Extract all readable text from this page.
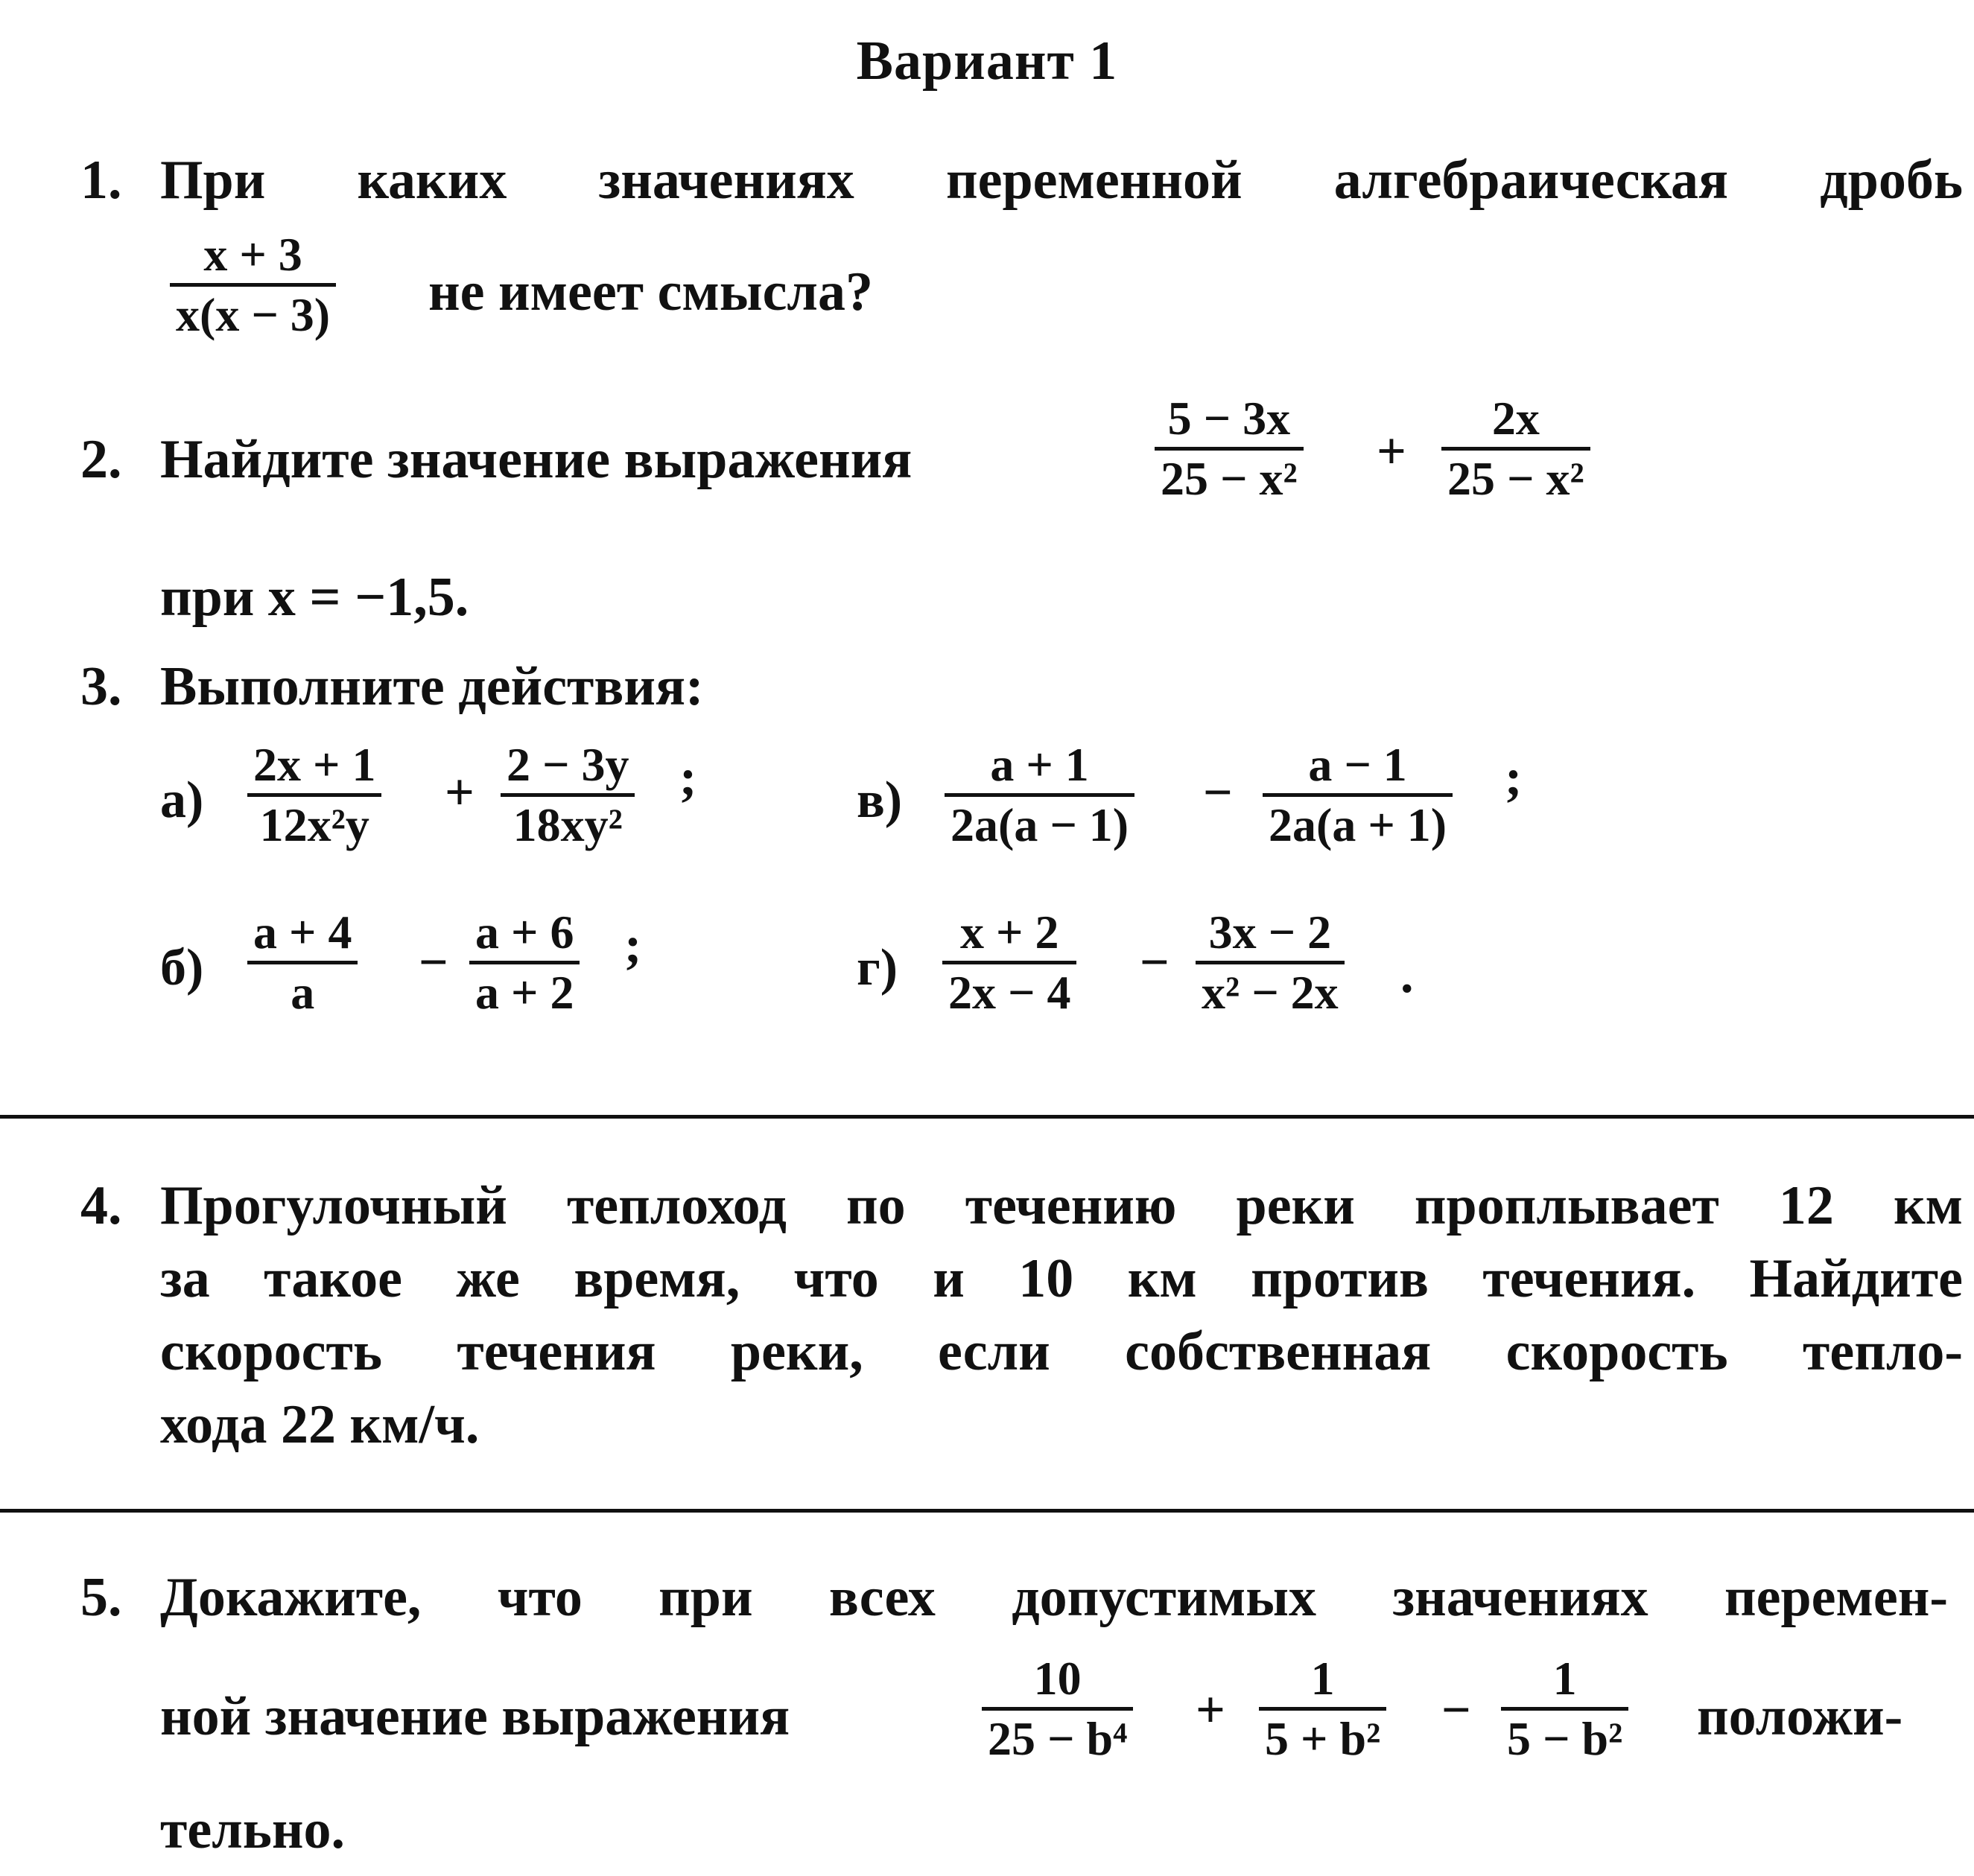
Вариант 1
1. При каких значениях переменной алгебраическая дробь
x + 3
x(x − 3) не имеет смысла?
2. Найдите значение выражения
5 − 3x
25 − x² +
2x
25 − x²
при x = −1,5.
3. Выполните действия:
а)
2x + 1
12x²y
+ 2 − 3y
18xy²
;
б)
a + 4
a
−
a + 6
a + 2
;
в)
a + 1
2a(a − 1)
− a − 1
2a(a + 1)
;
г)
x + 2
2x − 4
−
3x − 2
x² − 2x .
4. Прогулочный теплоход по течению реки проплывает 12 км
за такое же время, что и 10 км против течения. Найдите
скорость течения реки, если собственная скорость тепло-
хода 22 км/ч.
5. Докажите, что при всех допустимых значениях перемен-
ной значение выражения
10
25 − b⁴ +
1
5 + b² −
1
5 − b² положи-
тельно.
